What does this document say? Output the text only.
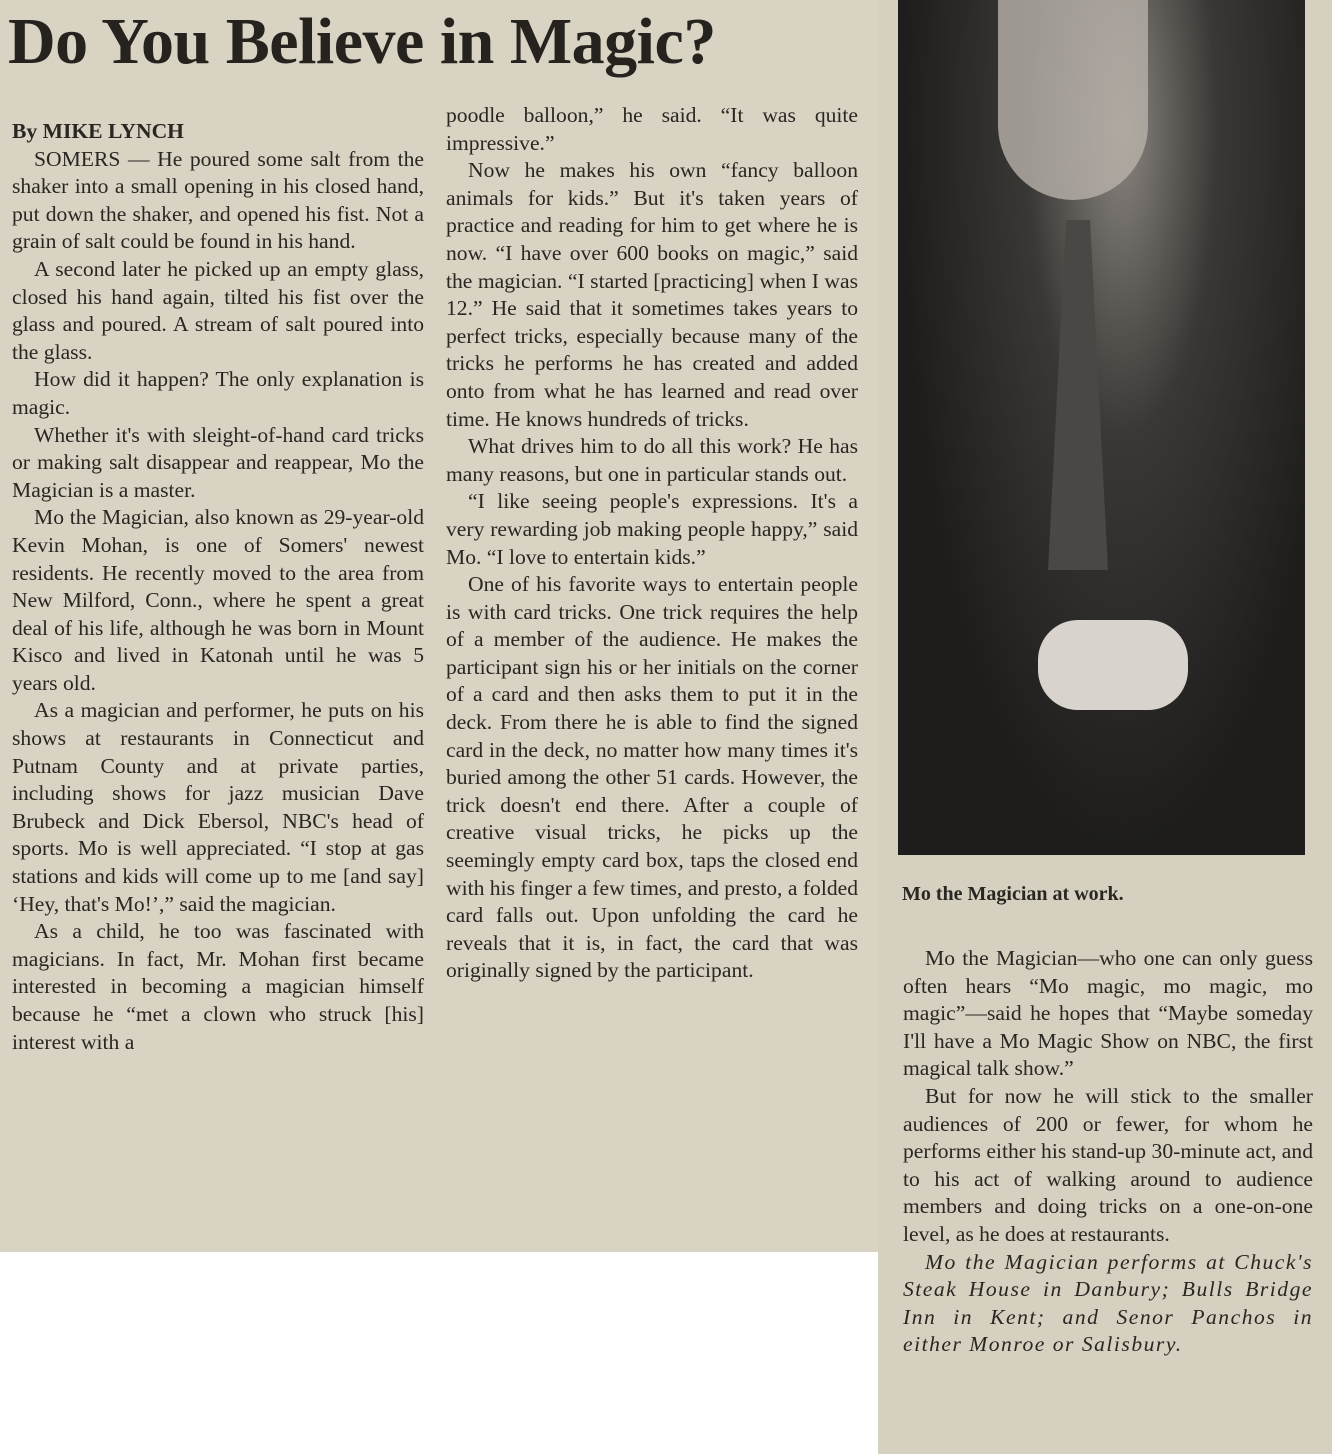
Do You Believe in Magic?

By MIKE LYNCH

SOMERS — He poured some salt from the shaker into a small opening in his closed hand, put down the shaker, and opened his fist. Not a grain of salt could be found in his hand.

A second later he picked up an empty glass, closed his hand again, tilted his fist over the glass and poured. A stream of salt poured into the glass.

How did it happen? The only explanation is magic.

Whether it's with sleight-of-hand card tricks or making salt disappear and reappear, Mo the Magician is a master.

Mo the Magician, also known as 29-year-old Kevin Mohan, is one of Somers' newest residents. He recently moved to the area from New Milford, Conn., where he spent a great deal of his life, although he was born in Mount Kisco and lived in Katonah until he was 5 years old.

As a magician and performer, he puts on his shows at restaurants in Connecticut and Putnam County and at private parties, including shows for jazz musician Dave Brubeck and Dick Ebersol, NBC's head of sports. Mo is well appreciated. “I stop at gas stations and kids will come up to me [and say] ‘Hey, that's Mo!’,” said the magician.

As a child, he too was fascinated with magicians. In fact, Mr. Mohan first became interested in becoming a magician himself because he “met a clown who struck [his] interest with a

poodle balloon,” he said. “It was quite impressive.”

Now he makes his own “fancy balloon animals for kids.” But it's taken years of practice and reading for him to get where he is now. “I have over 600 books on magic,” said the magician. “I started [practicing] when I was 12.” He said that it sometimes takes years to perfect tricks, especially because many of the tricks he performs he has created and added onto from what he has learned and read over time. He knows hundreds of tricks.

What drives him to do all this work? He has many reasons, but one in particular stands out.

“I like seeing people's expressions. It's a very rewarding job making people happy,” said Mo. “I love to entertain kids.”

One of his favorite ways to entertain people is with card tricks. One trick requires the help of a member of the audience. He makes the participant sign his or her initials on the corner of a card and then asks them to put it in the deck. From there he is able to find the signed card in the deck, no matter how many times it's buried among the other 51 cards. However, the trick doesn't end there. After a couple of creative visual tricks, he picks up the seemingly empty card box, taps the closed end with his finger a few times, and presto, a folded card falls out. Upon unfolding the card he reveals that it is, in fact, the card that was originally signed by the participant.

Mo the Magician at work.

Mo the Magician—who one can only guess often hears “Mo magic, mo magic, mo magic”—said he hopes that “Maybe someday I'll have a Mo Magic Show on NBC, the first magical talk show.”

But for now he will stick to the smaller audiences of 200 or fewer, for whom he performs either his stand-up 30-minute act, and to his act of walking around to audience members and doing tricks on a one-on-one level, as he does at restaurants.

Mo the Magician performs at Chuck's Steak House in Danbury; Bulls Bridge Inn in Kent; and Senor Panchos in either Monroe or Salisbury.
